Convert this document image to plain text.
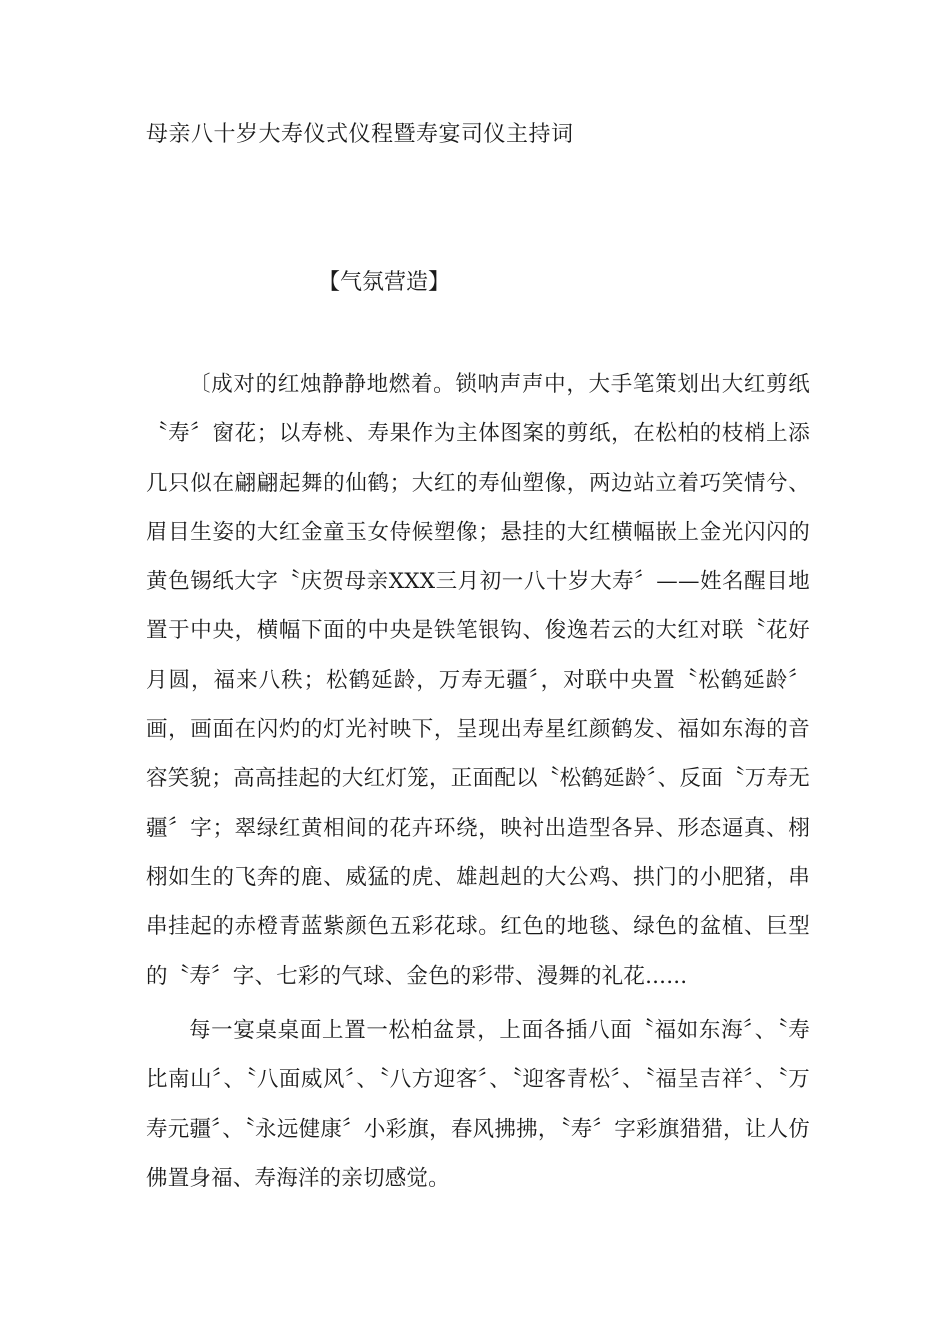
母亲八十岁大寿仪式仪程暨寿宴司仪主持词
【气氛营造】

〔成对的红烛静静地燃着。锁呐声声中，大手笔策划出大红剪纸〝寿〞窗花；以寿桃、寿果作为主体图案的剪纸，在松柏的枝梢上添几只似在翩翩起舞的仙鹤；大红的寿仙塑像，两边站立着巧笑情兮、眉目生姿的大红金童玉女侍候塑像；悬挂的大红横幅嵌上金光闪闪的黄色锡纸大字〝庆贺母亲XXX三月初一八十岁大寿〞——姓名醒目地置于中央，横幅下面的中央是铁笔银钩、俊逸若云的大红对联〝花好月圆，福来八秩；松鹤延龄，万寿无疆〞，对联中央置〝松鹤延龄〞画，画面在闪灼的灯光衬映下，呈现出寿星红颜鹤发、福如东海的音容笑貌；高高挂起的大红灯笼，正面配以〝松鹤延龄〞、反面〝万寿无疆〞字；翠绿红黄相间的花卉环绕，映衬出造型各异、形态逼真、栩栩如生的飞奔的鹿、威猛的虎、雄赳赳的大公鸡、拱门的小肥猪，串串挂起的赤橙青蓝紫颜色五彩花球。红色的地毯、绿色的盆植、巨型的〝寿〞字、七彩的气球、金色的彩带、漫舞的礼花......

每一宴桌桌面上置一松柏盆景，上面各插八面〝福如东海〞、〝寿比南山〞、〝八面威风〞、〝八方迎客〞、〝迎客青松〞、〝福呈吉祥〞、〝万寿元疆〞、〝永远健康〞小彩旗，春风拂拂，〝寿〞字彩旗猎猎，让人仿佛置身福、寿海洋的亲切感觉。
